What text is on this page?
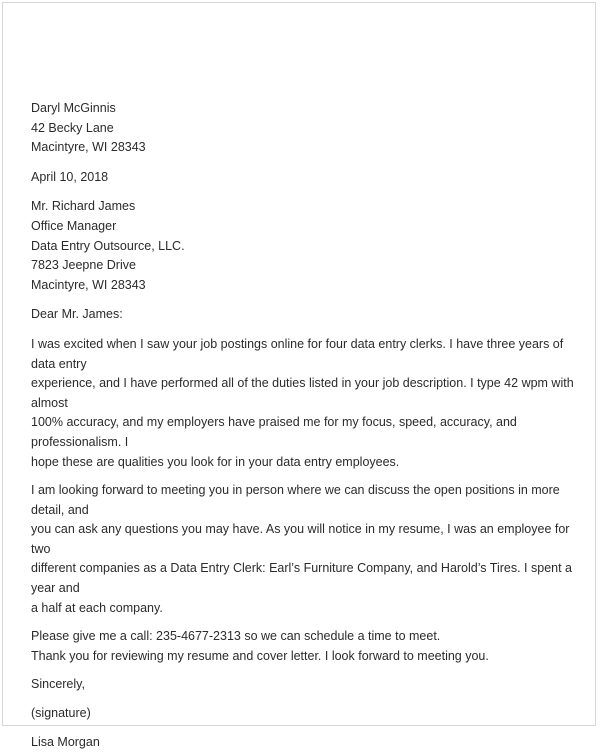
Daryl McGinnis
42 Becky Lane
Macintyre, WI 28343
April 10, 2018
Mr. Richard James
Office Manager
Data Entry Outsource, LLC.
7823 Jeepne Drive
Macintyre, WI 28343
Dear Mr. James:
I was excited when I saw your job postings online for four data entry clerks. I have three years of data entry
experience, and I have performed all of the duties listed in your job description. I type 42 wpm with almost
100% accuracy, and my employers have praised me for my focus, speed, accuracy, and professionalism. I
hope these are qualities you look for in your data entry employees.
I am looking forward to meeting you in person where we can discuss the open positions in more detail, and
you can ask any questions you may have. As you will notice in my resume, I was an employee for two
different companies as a Data Entry Clerk: Earl’s Furniture Company, and Harold’s Tires. I spent a year and
a half at each company.
Please give me a call: 235-4677-2313 so we can schedule a time to meet.
Thank you for reviewing my resume and cover letter. I look forward to meeting you.
Sincerely,
(signature)
Lisa Morgan
